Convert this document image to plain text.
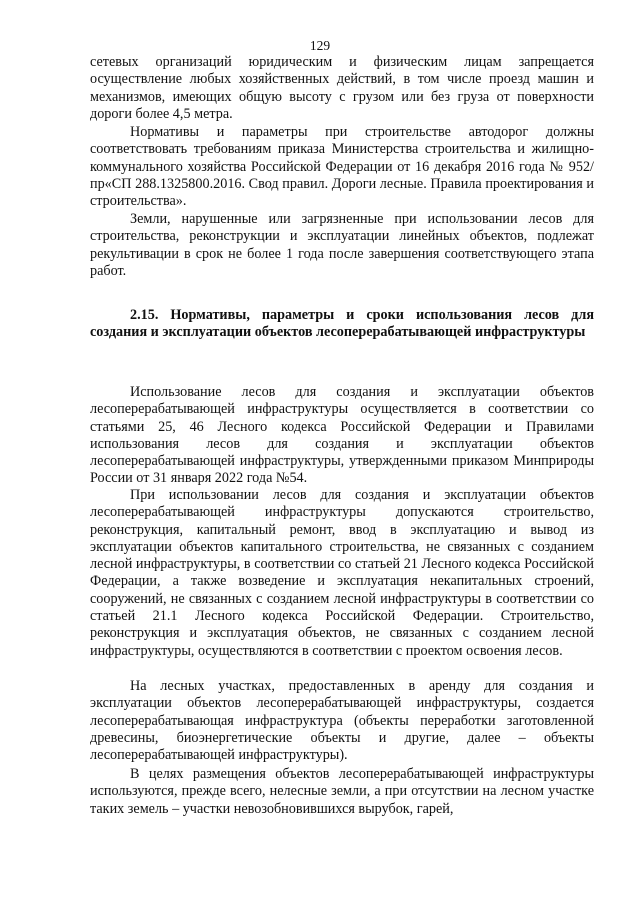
129

сетевых организаций юридическим и физическим лицам запрещается осуществление любых хозяйственных действий, в том числе проезд машин и механизмов, имеющих общую высоту с грузом или без груза от поверхности дороги более 4,5 метра.

Нормативы и параметры при строительстве автодорог должны соответствовать требованиям приказа Министерства строительства и жилищно-коммунального хозяйства Российской Федерации от 16 декабря 2016 года № 952/пр«СП 288.1325800.2016. Свод правил. Дороги лесные. Правила проектирования и строительства».

Земли, нарушенные или загрязненные при использовании лесов для строительства, реконструкции и эксплуатации линейных объектов, подлежат рекультивации в срок не более 1 года после завершения соответствующего этапа работ.

2.15. Нормативы, параметры и сроки использования лесов для создания и эксплуатации объектов лесоперерабатывающей инфраструктуры

Использование лесов для создания и эксплуатации объектов лесоперерабатывающей инфраструктуры осуществляется в соответствии со статьями 25, 46 Лесного кодекса Российской Федерации и Правилами использования лесов для создания и эксплуатации объектов лесоперерабатывающей инфраструктуры, утвержденными приказом Минприроды России от 31 января 2022 года №54.

При использовании лесов для создания и эксплуатации объектов лесоперерабатывающей инфраструктуры допускаются строительство, реконструкция, капитальный ремонт, ввод в эксплуатацию и вывод из эксплуатации объектов капитального строительства, не связанных с созданием лесной инфраструктуры, в соответствии со статьей 21 Лесного кодекса Российской Федерации, а также возведение и эксплуатация некапитальных строений, сооружений, не связанных с созданием лесной инфраструктуры в соответствии со статьей 21.1 Лесного кодекса Российской Федерации. Строительство, реконструкция и эксплуатация объектов, не связанных с созданием лесной инфраструктуры, осуществляются в соответствии с проектом освоения лесов.

На лесных участках, предоставленных в аренду для создания и эксплуатации объектов лесоперерабатывающей инфраструктуры, создается лесоперерабатывающая инфраструктура (объекты переработки заготовленной древесины, биоэнергетические объекты и другие, далее – объекты лесоперерабатывающей инфраструктуры).

В целях размещения объектов лесоперерабатывающей инфраструктуры используются, прежде всего, нелесные земли, а при отсутствии на лесном участке таких земель – участки невозобновившихся вырубок, гарей,
